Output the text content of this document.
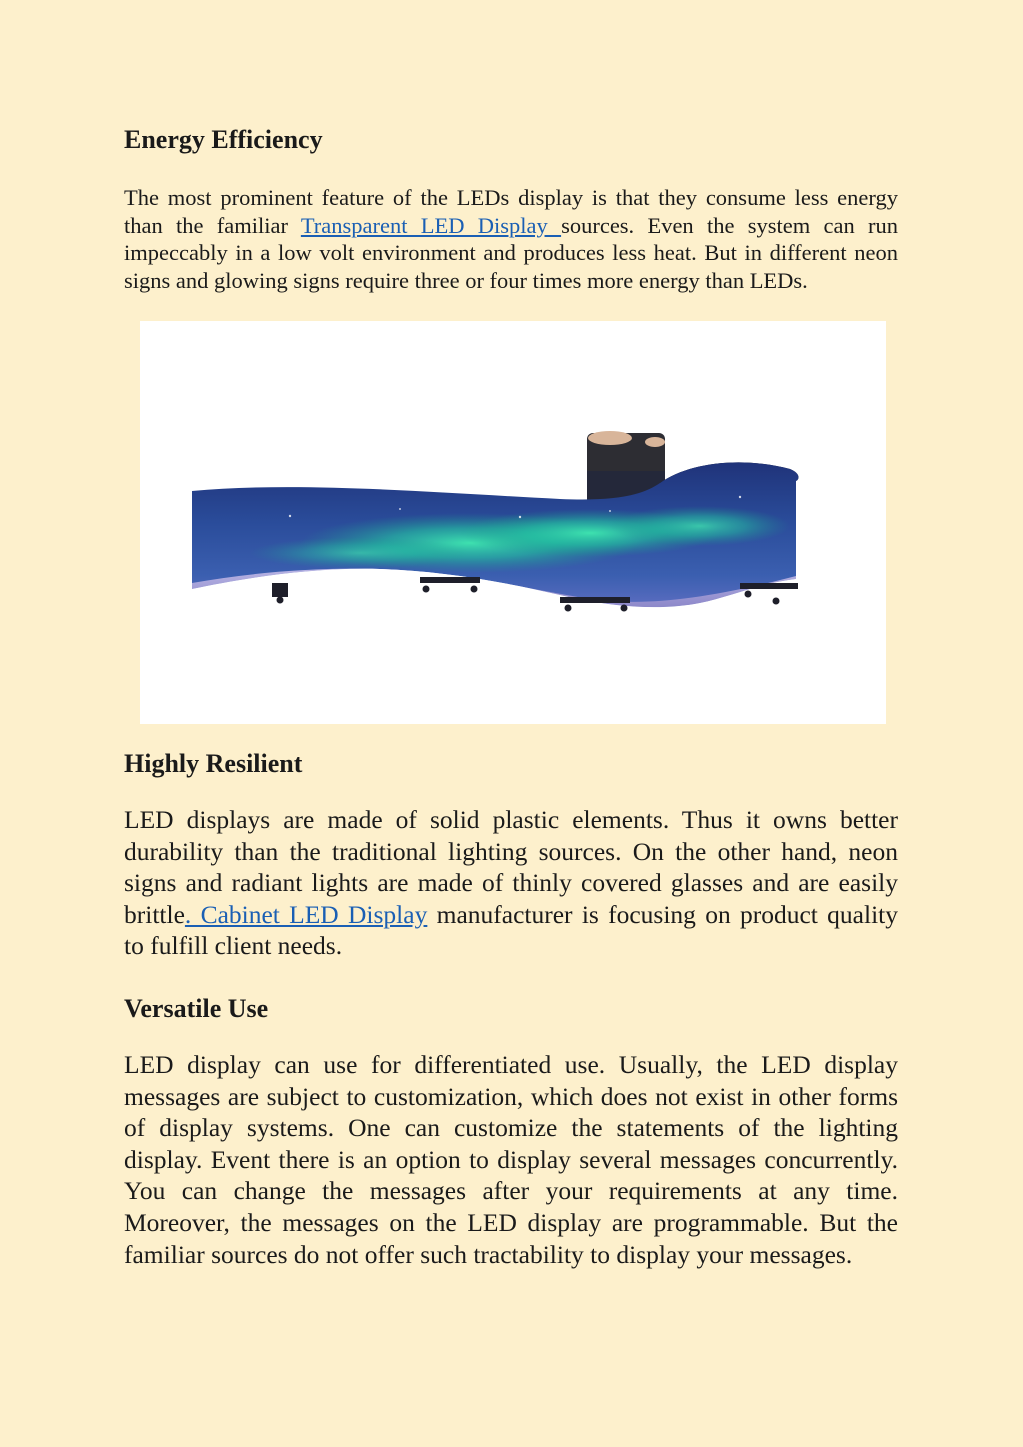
Energy Efficiency

The most prominent feature of the LEDs display is that they consume less energy than the familiar Transparent LED Display sources. Even the system can run impeccably in a low volt environment and produces less heat. But in different neon signs and glowing signs require three or four times more energy than LEDs.

Highly Resilient

LED displays are made of solid plastic elements. Thus it owns better durability than the traditional lighting sources. On the other hand, neon signs and radiant lights are made of thinly covered glasses and are easily brittle. Cabinet LED Display manufacturer is focusing on product quality to fulfill client needs.

Versatile Use

LED display can use for differentiated use. Usually, the LED display messages are subject to customization, which does not exist in other forms of display systems. One can customize the statements of the lighting display. Event there is an option to display several messages concurrently. You can change the messages after your requirements at any time. Moreover, the messages on the LED display are programmable. But the familiar sources do not offer such tractability to display your messages.
